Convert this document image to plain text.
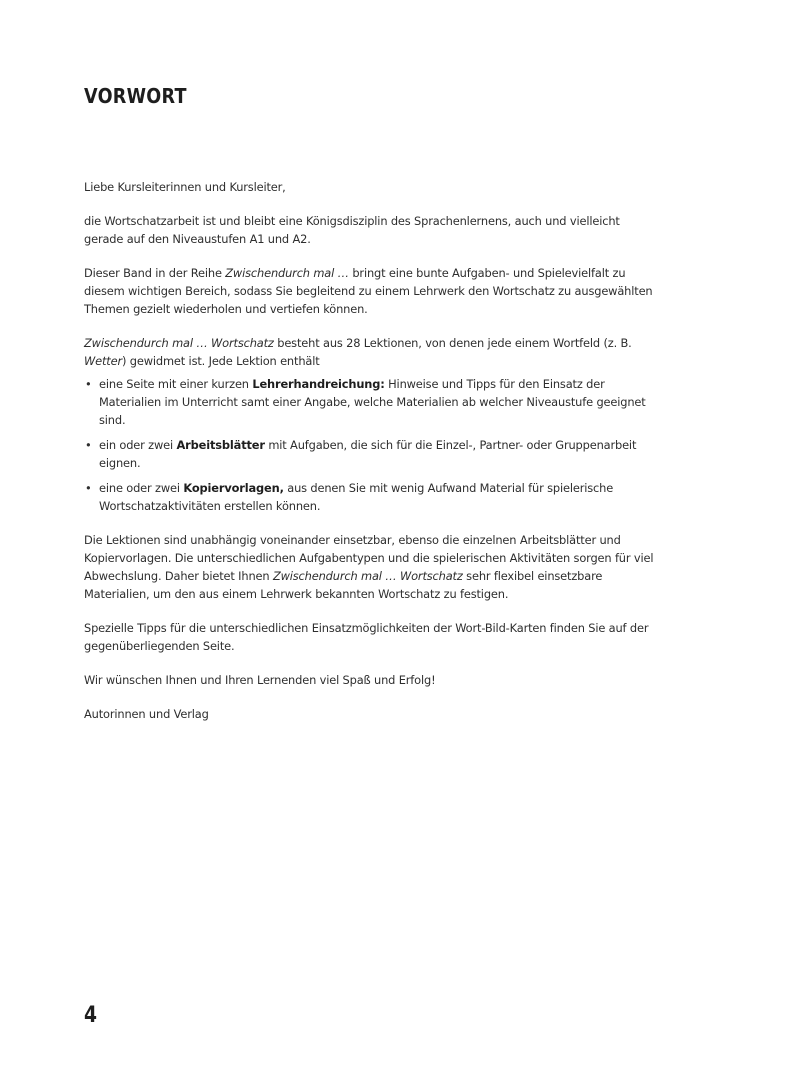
VORWORT

Liebe Kursleiterinnen und Kursleiter,

die Wortschatzarbeit ist und bleibt eine Königsdisziplin des Sprachenlernens, auch und vielleicht gerade auf den Niveaustufen A1 und A2.

Dieser Band in der Reihe Zwischendurch mal … bringt eine bunte Aufgaben- und Spielevielfalt zu diesem wichtigen Bereich, sodass Sie begleitend zu einem Lehrwerk den Wortschatz zu ausgewählten Themen gezielt wiederholen und vertiefen können.

Zwischendurch mal … Wortschatz besteht aus 28 Lektionen, von denen jede einem Wortfeld (z. B. Wetter) gewidmet ist. Jede Lektion enthält

• eine Seite mit einer kurzen Lehrerhandreichung: Hinweise und Tipps für den Einsatz der Materialien im Unterricht samt einer Angabe, welche Materialien ab welcher Niveaustufe geeignet sind.
• ein oder zwei Arbeitsblätter mit Aufgaben, die sich für die Einzel-, Partner- oder Gruppenarbeit eignen.
• eine oder zwei Kopiervorlagen, aus denen Sie mit wenig Aufwand Material für spielerische Wortschatzaktivitäten erstellen können.

Die Lektionen sind unabhängig voneinander einsetzbar, ebenso die einzelnen Arbeitsblätter und Kopiervorlagen. Die unterschiedlichen Aufgabentypen und die spielerischen Aktivitäten sorgen für viel Abwechslung. Daher bietet Ihnen Zwischendurch mal … Wortschatz sehr flexibel einsetzbare Materialien, um den aus einem Lehrwerk bekannten Wortschatz zu festigen.

Spezielle Tipps für die unterschiedlichen Einsatzmöglichkeiten der Wort-Bild-Karten finden Sie auf der gegenüberliegenden Seite.

Wir wünschen Ihnen und Ihren Lernenden viel Spaß und Erfolg!

Autorinnen und Verlag

4
